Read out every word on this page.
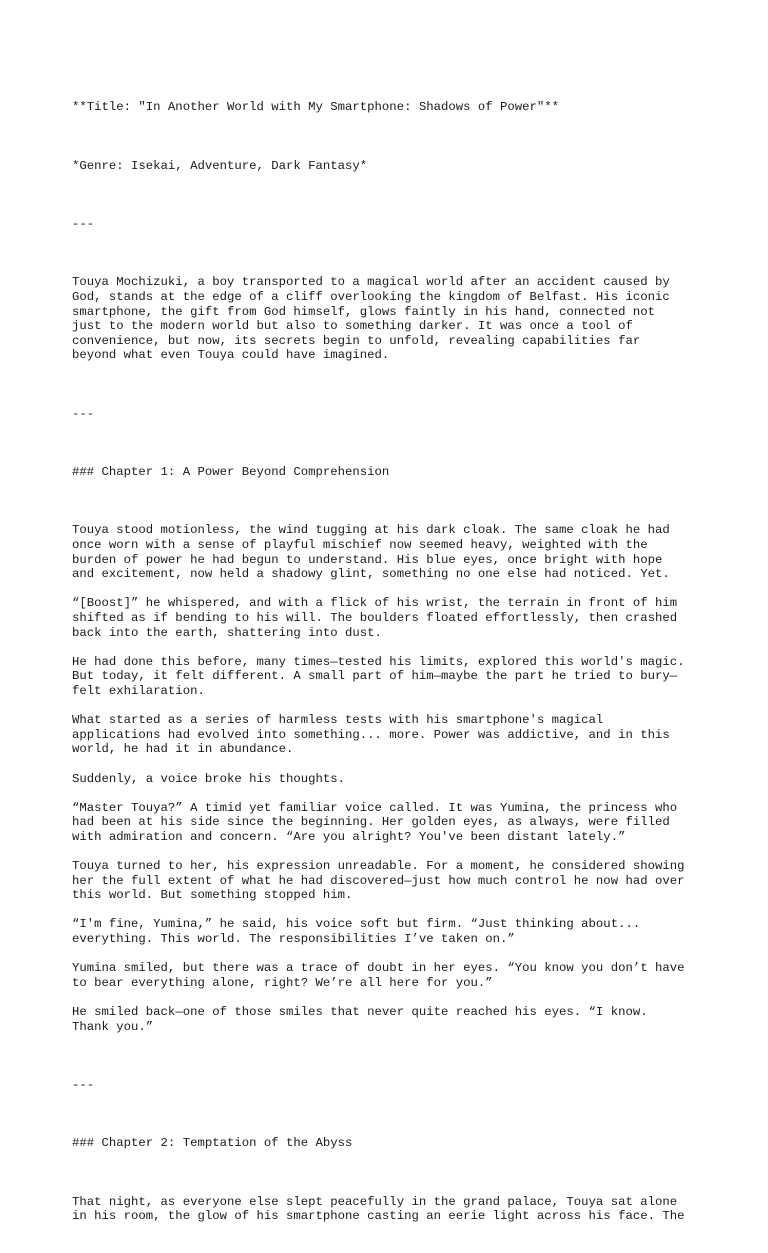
**Title: "In Another World with My Smartphone: Shadows of Power"**

*Genre: Isekai, Adventure, Dark Fantasy*

---

Touya Mochizuki, a boy transported to a magical world after an accident caused by
God, stands at the edge of a cliff overlooking the kingdom of Belfast. His iconic
smartphone, the gift from God himself, glows faintly in his hand, connected not
just to the modern world but also to something darker. It was once a tool of
convenience, but now, its secrets begin to unfold, revealing capabilities far
beyond what even Touya could have imagined.

---

### Chapter 1: A Power Beyond Comprehension

Touya stood motionless, the wind tugging at his dark cloak. The same cloak he had
once worn with a sense of playful mischief now seemed heavy, weighted with the
burden of power he had begun to understand. His blue eyes, once bright with hope
and excitement, now held a shadowy glint, something no one else had noticed. Yet.
“[Boost]” he whispered, and with a flick of his wrist, the terrain in front of him
shifted as if bending to his will. The boulders floated effortlessly, then crashed
back into the earth, shattering into dust.
He had done this before, many times—tested his limits, explored this world's magic.
But today, it felt different. A small part of him—maybe the part he tried to bury—
felt exhilaration.
What started as a series of harmless tests with his smartphone's magical
applications had evolved into something... more. Power was addictive, and in this
world, he had it in abundance.
Suddenly, a voice broke his thoughts.
“Master Touya?” A timid yet familiar voice called. It was Yumina, the princess who
had been at his side since the beginning. Her golden eyes, as always, were filled
with admiration and concern. “Are you alright? You've been distant lately.”
Touya turned to her, his expression unreadable. For a moment, he considered showing
her the full extent of what he had discovered—just how much control he now had over
this world. But something stopped him.
“I'm fine, Yumina,” he said, his voice soft but firm. “Just thinking about...
everything. This world. The responsibilities I’ve taken on.”
Yumina smiled, but there was a trace of doubt in her eyes. “You know you don’t have
to bear everything alone, right? We’re all here for you.”
He smiled back—one of those smiles that never quite reached his eyes. “I know.
Thank you.”

---

### Chapter 2: Temptation of the Abyss

That night, as everyone else slept peacefully in the grand palace, Touya sat alone
in his room, the glow of his smartphone casting an eerie light across his face. The
